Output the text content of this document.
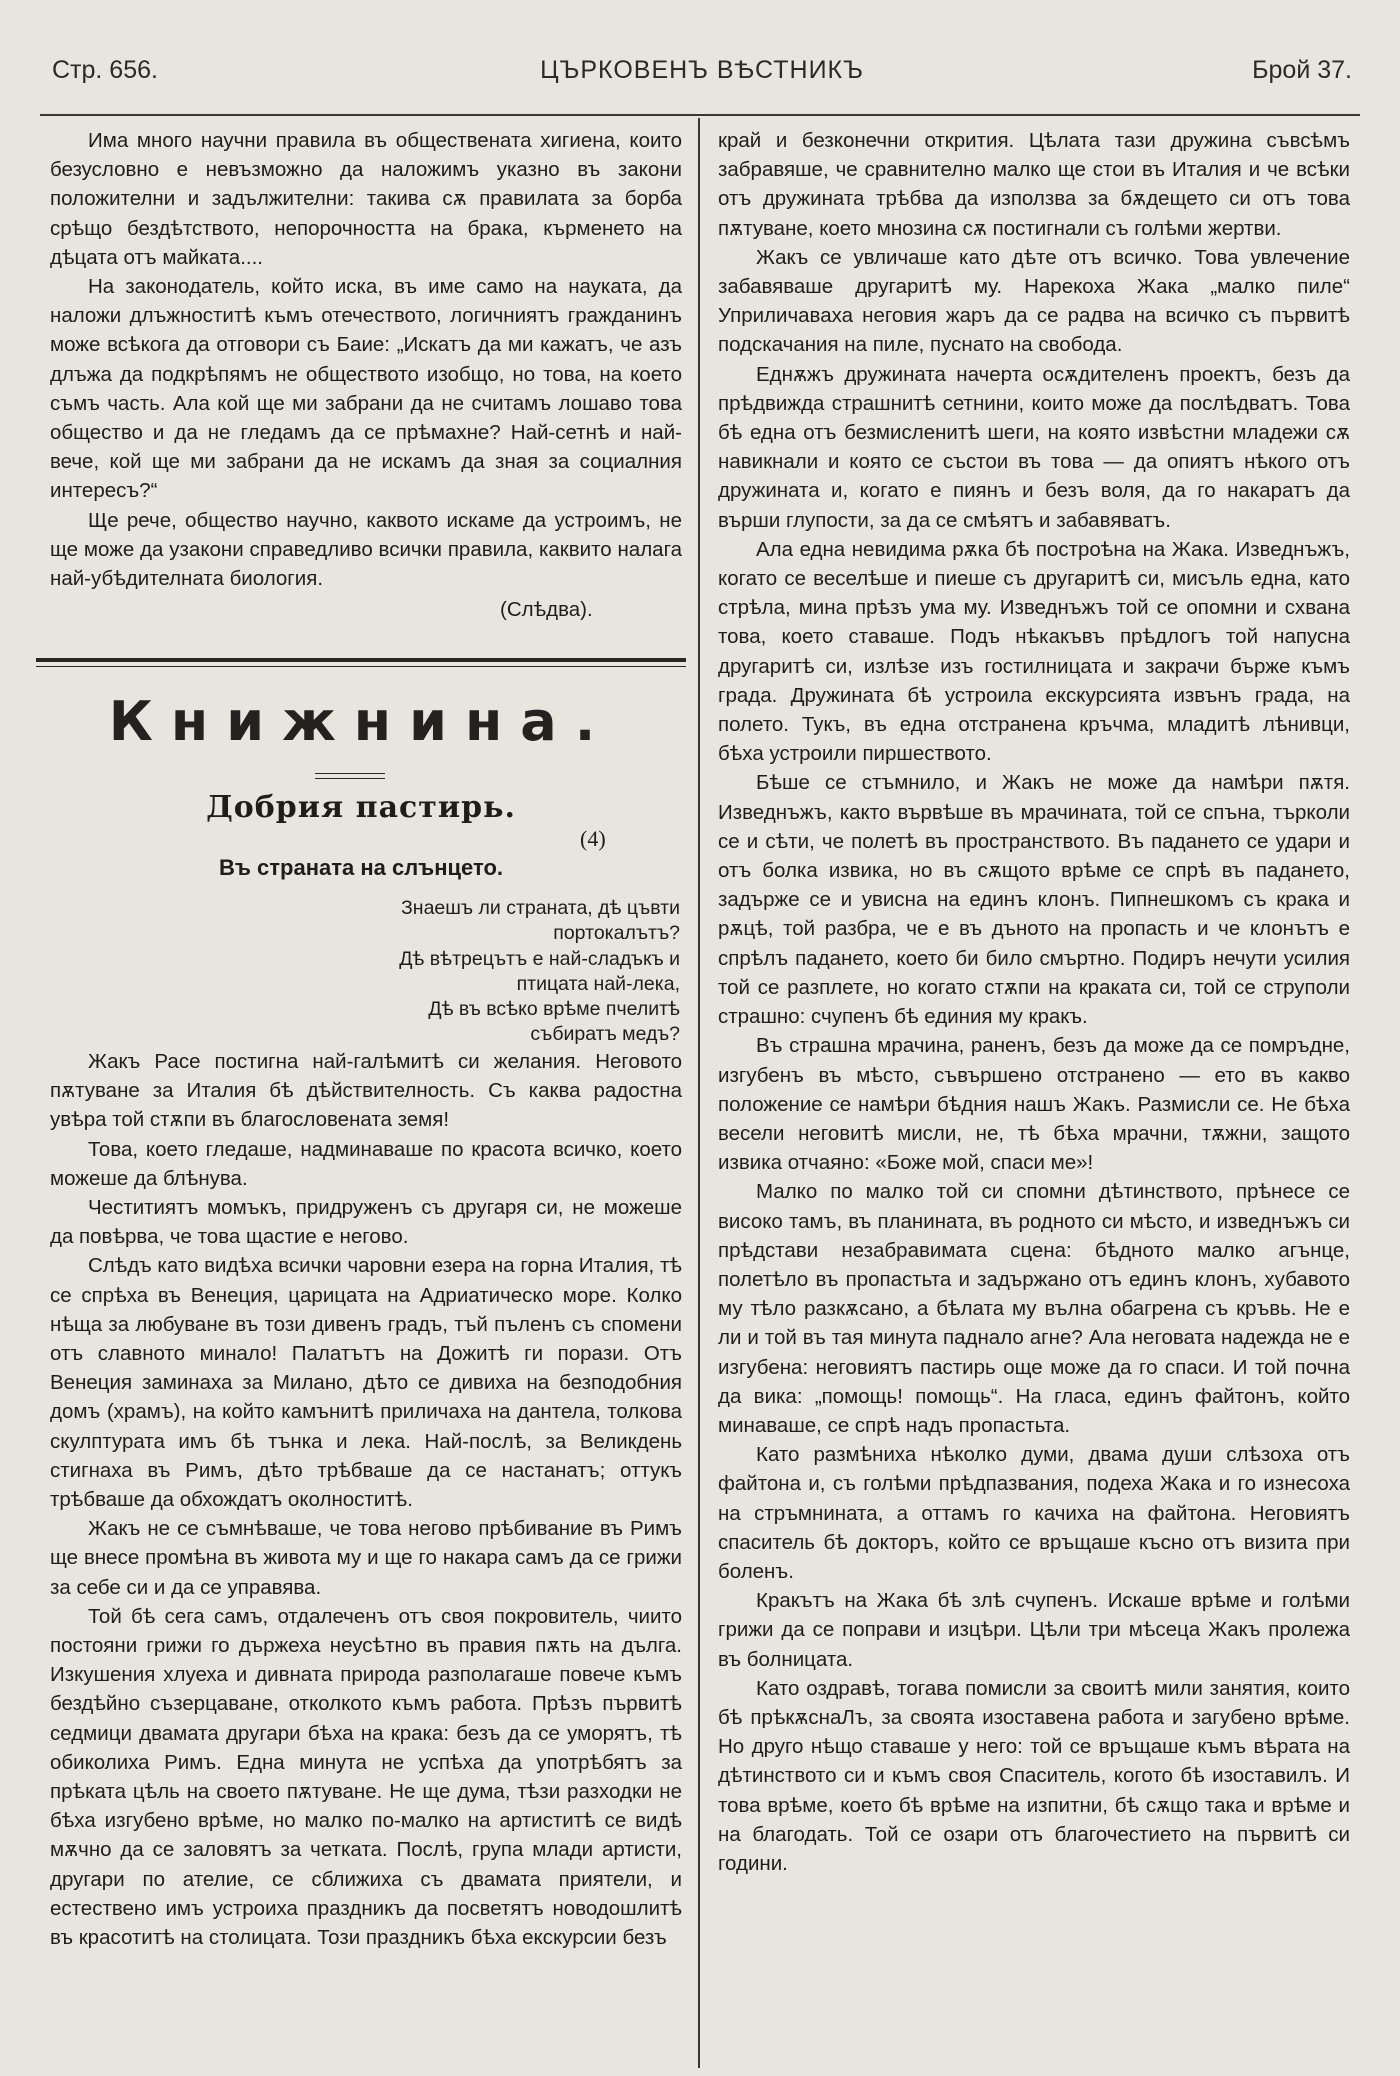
Стр. 656.	ЦЪРКОВЕНЪ ВѢСТНИКЪ	Брой 37.

Има много научни правила въ обществената хигиена, които безусловно е невъзможно да наложимъ указно въ закони положителни и задължителни: такива сѫ правилата за борба срѣщо бездѣтството, непорочността на брака, кърменето на дѣцата отъ майката....

На законодатель, който иска, въ име само на науката, да наложи длъжноститѣ къмъ отечеството, логичниятъ гражданинъ може всѣкога да отговори съ Баие: „Искатъ да ми кажатъ, че азъ длъжа да подкрѣпямъ не обществото изобщо, но това, на което съмъ часть. Ала кой ще ми забрани да не считамъ лошаво това общество и да не гледамъ да се прѣмахне? Най-сетнѣ и най-вече, кой ще ми забрани да не искамъ да зная за социалния интересъ?“

Ще рече, общество научно, каквото искаме да устроимъ, не ще може да узакони справедливо всички правила, каквито налага най-убѣдителната биология.

(Слѣдва).
Книжнина.
Добрия пастирь.
(4)
Въ страната на слънцето.
Знаешъ ли страната, дѣ цъвти
портокалътъ?
Дѣ вѣтрецътъ е най-сладъкъ и
птицата най-лека,
Дѣ въ всѣко врѣме пчелитѣ
събиратъ медъ?

Жакъ Расе постигна най-галѣмитѣ си желания. Неговото пѫтуване за Италия бѣ дѣйствителность. Съ каква радостна увѣра той стѫпи въ благословената земя!

Това, което гледаше, надминаваше по красота всичко, което можеше да блѣнува.

Честитиятъ момъкъ, придруженъ съ другаря си, не можеше да повѣрва, че това щастие е негово.

Слѣдъ като видѣха всички чаровни езера на горна Италия, тѣ се спрѣха въ Венеция, царицата на Адриатическо море. Колко нѣща за любуване въ този дивенъ градъ, тъй пъленъ съ спомени отъ славното минало! Палатътъ на Дожитѣ ги порази. Отъ Венеция заминаха за Милано, дѣто се дивиха на безподобния домъ (храмъ), на който камънитѣ приличаха на дантела, толкова скулптурата имъ бѣ тънка и лека. Най-послѣ, за Великдень стигнаха въ Римъ, дѣто трѣбваше да се настанатъ; оттукъ трѣбваше да обхождатъ околноститѣ.

Жакъ не се съмнѣваше, че това негово прѣбивание въ Римъ ще внесе промѣна въ живота му и ще го накара самъ да се грижи за себе си и да се управява.

Той бѣ сега самъ, отдалеченъ отъ своя покровитель, чиито постояни грижи го държеха неусѣтно въ правия пѫть на дълга. Изкушения хлуеха и дивната природа разполагаше повече къмъ бездѣйно съзерцаване, отколкото къмъ работа. Прѣзъ първитѣ седмици двамата другари бѣха на крака: безъ да се уморятъ, тѣ обиколиха Римъ. Една минута не успѣха да употрѣбятъ за прѣката цѣль на своето пѫтуване. Не ще дума, тѣзи разходки не бѣха изгубено врѣме, но малко по-малко на артиститѣ се видѣ мѫчно да се заловятъ за четката. Послѣ, група млади артисти, другари по ателие, се сближиха съ двамата приятели, и естествено имъ устроиха праздникъ да посветятъ новодошлитѣ въ красотитѣ на столицата. Този праздникъ бѣха екскурсии безъ

край и безконечни открития. Цѣлата тази дружина съвсѣмъ забравяше, че сравнително малко ще стои въ Италия и че всѣки отъ дружината трѣбва да използва за бѫдещето си отъ това пѫтуване, което мнозина сѫ постигнали съ голѣми жертви.

Жакъ се увличаше като дѣте отъ всичко. Това увлечение забавяваше другаритѣ му. Нарекоха Жака „малко пиле“ Уприличаваха неговия жаръ да се радва на всичко съ първитѣ подскачания на пиле, пуснато на свобода.

Еднѫжъ дружината начерта осѫдителенъ проектъ, безъ да прѣдвижда страшнитѣ сетнини, които може да послѣдватъ. Това бѣ една отъ безмисленитѣ шеги, на която извѣстни младежи сѫ навикнали и която се състои въ това — да опиятъ нѣкого отъ дружината и, когато е пиянъ и безъ воля, да го накаратъ да върши глупости, за да се смѣятъ и забавяватъ.

Ала една невидима рѫка бѣ построѣна на Жака. Изведнъжъ, когато се веселѣше и пиеше съ другаритѣ си, мисъль една, като стрѣла, мина прѣзъ ума му. Изведнъжъ той се опомни и схвана това, което ставаше. Подъ нѣкакъвъ прѣдлогъ той напусна другаритѣ си, излѣзе изъ гостилницата и закрачи бърже къмъ града. Дружината бѣ устроила екскурсията извънъ града, на полето. Тукъ, въ една отстранена кръчма, младитѣ лѣнивци, бѣха устроили пиршеството.

Бѣше се стъмнило, и Жакъ не може да намѣри пѫтя. Изведнъжъ, както вървѣше въ мрачината, той се спъна, търколи се и сѣти, че полетѣ въ пространството. Въ падането се удари и отъ болка извика, но въ сѫщото врѣме се спрѣ въ падането, задърже се и увисна на единъ клонъ. Пипнешкомъ съ крака и рѫцѣ, той разбра, че е въ дъното на пропасть и че клонътъ е спрѣлъ падането, което би било смъртно. Подиръ нечути усилия той се разплете, но когато стѫпи на краката си, той се струполи страшно: счупенъ бѣ единия му кракъ.

Въ страшна мрачина, раненъ, безъ да може да се помръдне, изгубенъ въ мѣсто, съвършено отстранено — ето въ какво положение се намѣри бѣдния нашъ Жакъ. Размисли се. Не бѣха весели неговитѣ мисли, не, тѣ бѣха мрачни, тѫжни, защото извика отчаяно: «Боже мой, спаси ме»!

Малко по малко той си спомни дѣтинството, прѣнесе се високо тамъ, въ планината, въ родното си мѣсто, и изведнъжъ си прѣдстави незабравимата сцена: бѣдното малко агънце, полетѣло въ пропастьта и задържано отъ единъ клонъ, хубавото му тѣло разкѫсано, а бѣлата му вълна обагрена съ кръвь. Не е ли и той въ тая минута паднало агне? Ала неговата надежда не е изгубена: неговиятъ пастирь още може да го спаси. И той почна да вика: „помощь! помощь“. На гласа, единъ файтонъ, който минаваше, се спрѣ надъ пропастьта.

Като размѣниха нѣколко думи, двама души слѣзоха отъ файтона и, съ голѣми прѣдпазвания, подеха Жака и го изнесоха на стръмнината, а оттамъ го качиха на файтона. Неговиятъ спаситель бѣ докторъ, който се връщаше късно отъ визита при боленъ.

Кракътъ на Жака бѣ злѣ счупенъ. Искаше врѣме и голѣми грижи да се поправи и изцѣри. Цѣли три мѣсеца Жакъ пролежа въ болницата.

Като оздравѣ, тогава помисли за своитѣ мили занятия, които бѣ прѣкѫснаЛъ, за своята изоставена работа и загубено врѣме. Но друго нѣщо ставаше у него: той се връщаше къмъ вѣрата на дѣтинството си и къмъ своя Спаситель, когото бѣ изоставилъ. И това врѣме, което бѣ врѣме на изпитни, бѣ сѫщо така и врѣме и на благодать. Той се озари отъ благочестието на първитѣ си години.
